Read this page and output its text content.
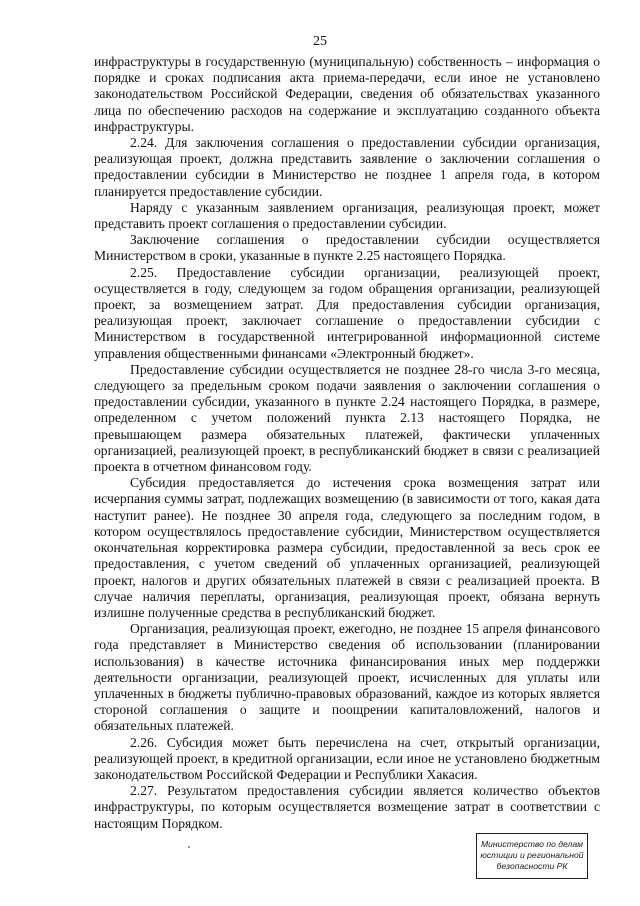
25

инфраструктуры в государственную (муниципальную) собственность – информация о порядке и сроках подписания акта приема-передачи, если иное не установлено законодательством Российской Федерации, сведения об обязательствах указанного лица по обеспечению расходов на содержание и эксплуатацию созданного объекта инфраструктуры.

2.24. Для заключения соглашения о предоставлении субсидии организация, реализующая проект, должна представить заявление о заключении соглашения о предоставлении субсидии в Министерство не позднее 1 апреля года, в котором планируется предоставление субсидии.

Наряду с указанным заявлением организация, реализующая проект, может представить проект соглашения о предоставлении субсидии.

Заключение соглашения о предоставлении субсидии осуществляется Министерством в сроки, указанные в пункте 2.25 настоящего Порядка.

2.25. Предоставление субсидии организации, реализующей проект, осуществляется в году, следующем за годом обращения организации, реализующей проект, за возмещением затрат. Для предоставления субсидии организация, реализующая проект, заключает соглашение о предоставлении субсидии с Министерством в государственной интегрированной информационной системе управления общественными финансами «Электронный бюджет».

Предоставление субсидии осуществляется не позднее 28-го числа 3-го месяца, следующего за предельным сроком подачи заявления о заключении соглашения о предоставлении субсидии, указанного в пункте 2.24 настоящего Порядка, в размере, определенном с учетом положений пункта 2.13 настоящего Порядка, не превышающем размера обязательных платежей, фактически уплаченных организацией, реализующей проект, в республиканский бюджет в связи с реализацией проекта в отчетном финансовом году.

Субсидия предоставляется до истечения срока возмещения затрат или исчерпания суммы затрат, подлежащих возмещению (в зависимости от того, какая дата наступит ранее). Не позднее 30 апреля года, следующего за последним годом, в котором осуществлялось предоставление субсидии, Министерством осуществляется окончательная корректировка размера субсидии, предоставленной за весь срок ее предоставления, с учетом сведений об уплаченных организацией, реализующей проект, налогов и других обязательных платежей в связи с реализацией проекта. В случае наличия переплаты, организация, реализующая проект, обязана вернуть излишне полученные средства в республиканский бюджет.

Организация, реализующая проект, ежегодно, не позднее 15 апреля финансового года представляет в Министерство сведения об использовании (планировании использования) в качестве источника финансирования иных мер поддержки деятельности организации, реализующей проект, исчисленных для уплаты или уплаченных в бюджеты публично-правовых образований, каждое из которых является стороной соглашения о защите и поощрении капиталовложений, налогов и обязательных платежей.

2.26. Субсидия может быть перечислена на счет, открытый организации, реализующей проект, в кредитной организации, если иное не установлено бюджетным законодательством Российской Федерации и Республики Хакасия.

2.27. Результатом предоставления субсидии является количество объектов инфраструктуры, по которым осуществляется возмещение затрат в соответствии с настоящим Порядком.

Министерство по делам
юстиции и региональной
безопасности РК
